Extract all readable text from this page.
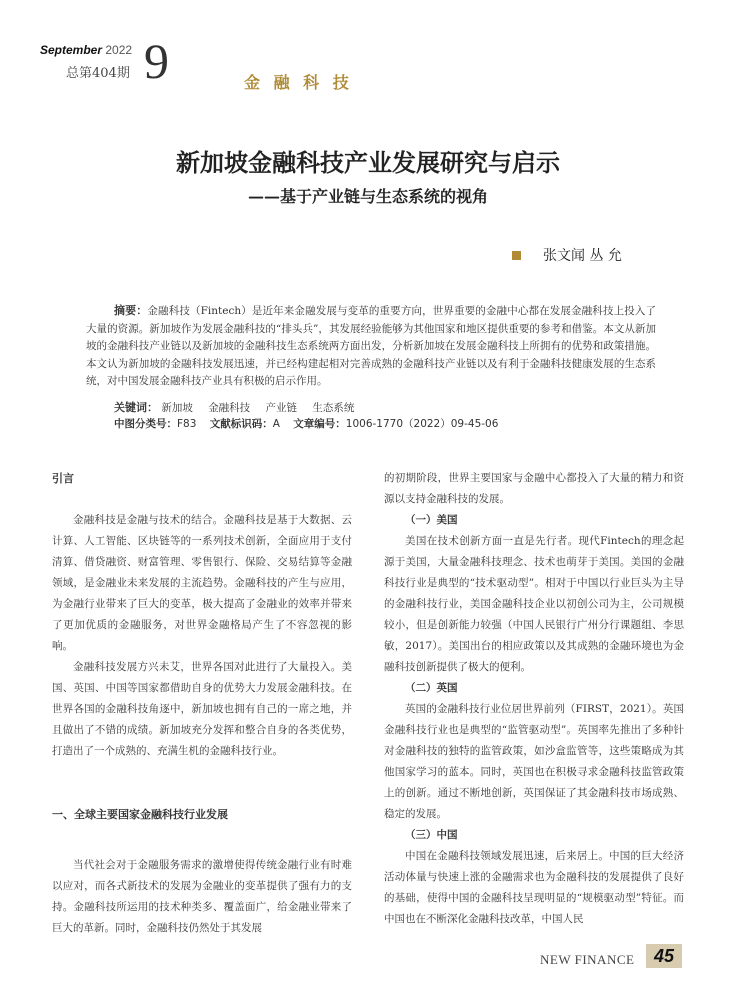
September 2022
总第404期 9	金 融 科 技
新加坡金融科技产业发展研究与启示
——基于产业链与生态系统的视角
张文闻 丛 允
摘要：金融科技（Fintech）是近年来金融发展与变革的重要方向，世界重要的金融中心都在发展金融科技上投入了大量的资源。新加坡作为发展金融科技的“排头兵”，其发展经验能够为其他国家和地区提供重要的参考和借鉴。本文从新加坡的金融科技产业链以及新加坡的金融科技生态系统两方面出发，分析新加坡在发展金融科技上所拥有的优势和政策措施。本文认为新加坡的金融科技发展迅速，并已经构建起相对完善成熟的金融科技产业链以及有利于金融科技健康发展的生态系统，对中国发展金融科技产业具有积极的启示作用。
关键词： 新加坡 金融科技 产业链 生态系统
中图分类号：F83 文献标识码：A 文章编号：1006-1770（2022）09-45-06
引言

金融科技是金融与技术的结合。金融科技是基于大数据、云计算、人工智能、区块链等的一系列技术创新，全面应用于支付清算、借贷融资、财富管理、零售银行、保险、交易结算等金融领域，是金融业未来发展的主流趋势。金融科技的产生与应用，为金融行业带来了巨大的变革，极大提高了金融业的效率并带来了更加优质的金融服务，对世界金融格局产生了不容忽视的影响。

金融科技发展方兴未艾，世界各国对此进行了大量投入。美国、英国、中国等国家都借助自身的优势大力发展金融科技。在世界各国的金融科技角逐中，新加坡也拥有自己的一席之地，并且做出了不错的成绩。新加坡充分发挥和整合自身的各类优势，打造出了一个成熟的、充满生机的金融科技行业。

一、全球主要国家金融科技行业发展

当代社会对于金融服务需求的激增使得传统金融行业有时难以应对，而各式新技术的发展为金融业的变革提供了强有力的支持。金融科技所运用的技术种类多、覆盖面广，给金融业带来了巨大的革新。同时，金融科技仍然处于其发展

的初期阶段，世界主要国家与金融中心都投入了大量的精力和资源以支持金融科技的发展。

（一）美国

美国在技术创新方面一直是先行者。现代Fintech的理念起源于美国，大量金融科技理念、技术也萌芽于美国。美国的金融科技行业是典型的“技术驱动型”。相对于中国以行业巨头为主导的金融科技行业，美国金融科技企业以初创公司为主，公司规模较小，但是创新能力较强（中国人民银行广州分行课题组、李思敏，2017）。美国出台的相应政策以及其成熟的金融环境也为金融科技创新提供了极大的便利。

（二）英国

英国的金融科技行业位居世界前列（FIRST，2021）。英国金融科技行业也是典型的“监管驱动型”。英国率先推出了多种针对金融科技的独特的监管政策，如沙盒监管等，这些策略成为其他国家学习的蓝本。同时，英国也在积极寻求金融科技监管政策上的创新。通过不断地创新，英国保证了其金融科技市场成熟、稳定的发展。

（三）中国

中国在金融科技领域发展迅速，后来居上。中国的巨大经济活动体量与快速上涨的金融需求也为金融科技的发展提供了良好的基础，使得中国的金融科技呈现明显的“规模驱动型”特征。而中国也在不断深化金融科技改革，中国人民

NEW FINANCE	45
